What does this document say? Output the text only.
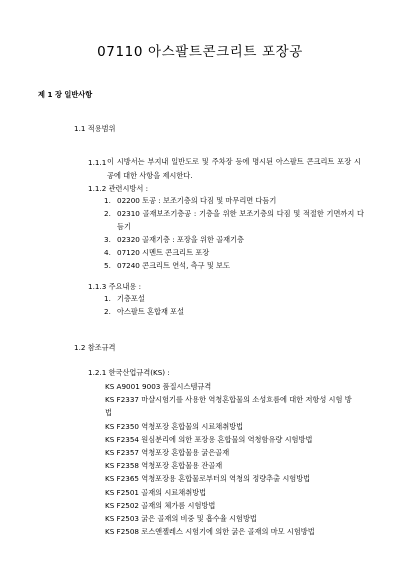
07110 아스팔트콘크리트 포장공
제 1 장 일반사항
1.1 적용범위
1.1.1 이 시방서는 부지내 일반도로 및 주차장 등에 명시된 아스팔트 콘크리트 포장 시공에 대한 사항을 제시한다.
1.1.2 관련시방서 :
1. 02200 토공 : 보조기층의 다짐 및 마무리면 다듬기
2. 02310 골재보조기층공 : 기층을 위한 보조기층의 다짐 및 적절한 기면까지 다듬기
3. 02320 골재기층 : 포장을 위한 골재기층
4. 07120 시멘트 콘크리트 포장
5. 07240 콘크리트 연석, 측구 및 보도
1.1.3 주요내용 :
1. 기층포설
2. 아스팔트 혼합재 포설
1.2 참조규격
1.2.1 한국산업규격(KS) :
KS A9001 9003 품질시스템규격
KS F2337 마샬시험기를 사용한 역청혼합물의 소성흐름에 대한 저항성 시험 방법
KS F2350 역청포장 혼합물의 시료채취방법
KS F2354 원심분리에 의한 포장용 혼합물의 역청함유량 시험방법
KS F2357 역청포장 혼합물용 굵은골재
KS F2358 역청포장 혼합물용 잔골재
KS F2365 역청포장용 혼합물로부터의 역청의 정량추출 시험방법
KS F2501 골재의 시료채취방법
KS F2502 골재의 체가름 시험방법
KS F2503 굵은 골재의 비중 및 흡수율 시험방법
KS F2508 로스앤젤레스 시험기에 의한 굵은 골재의 마모 시험방법
